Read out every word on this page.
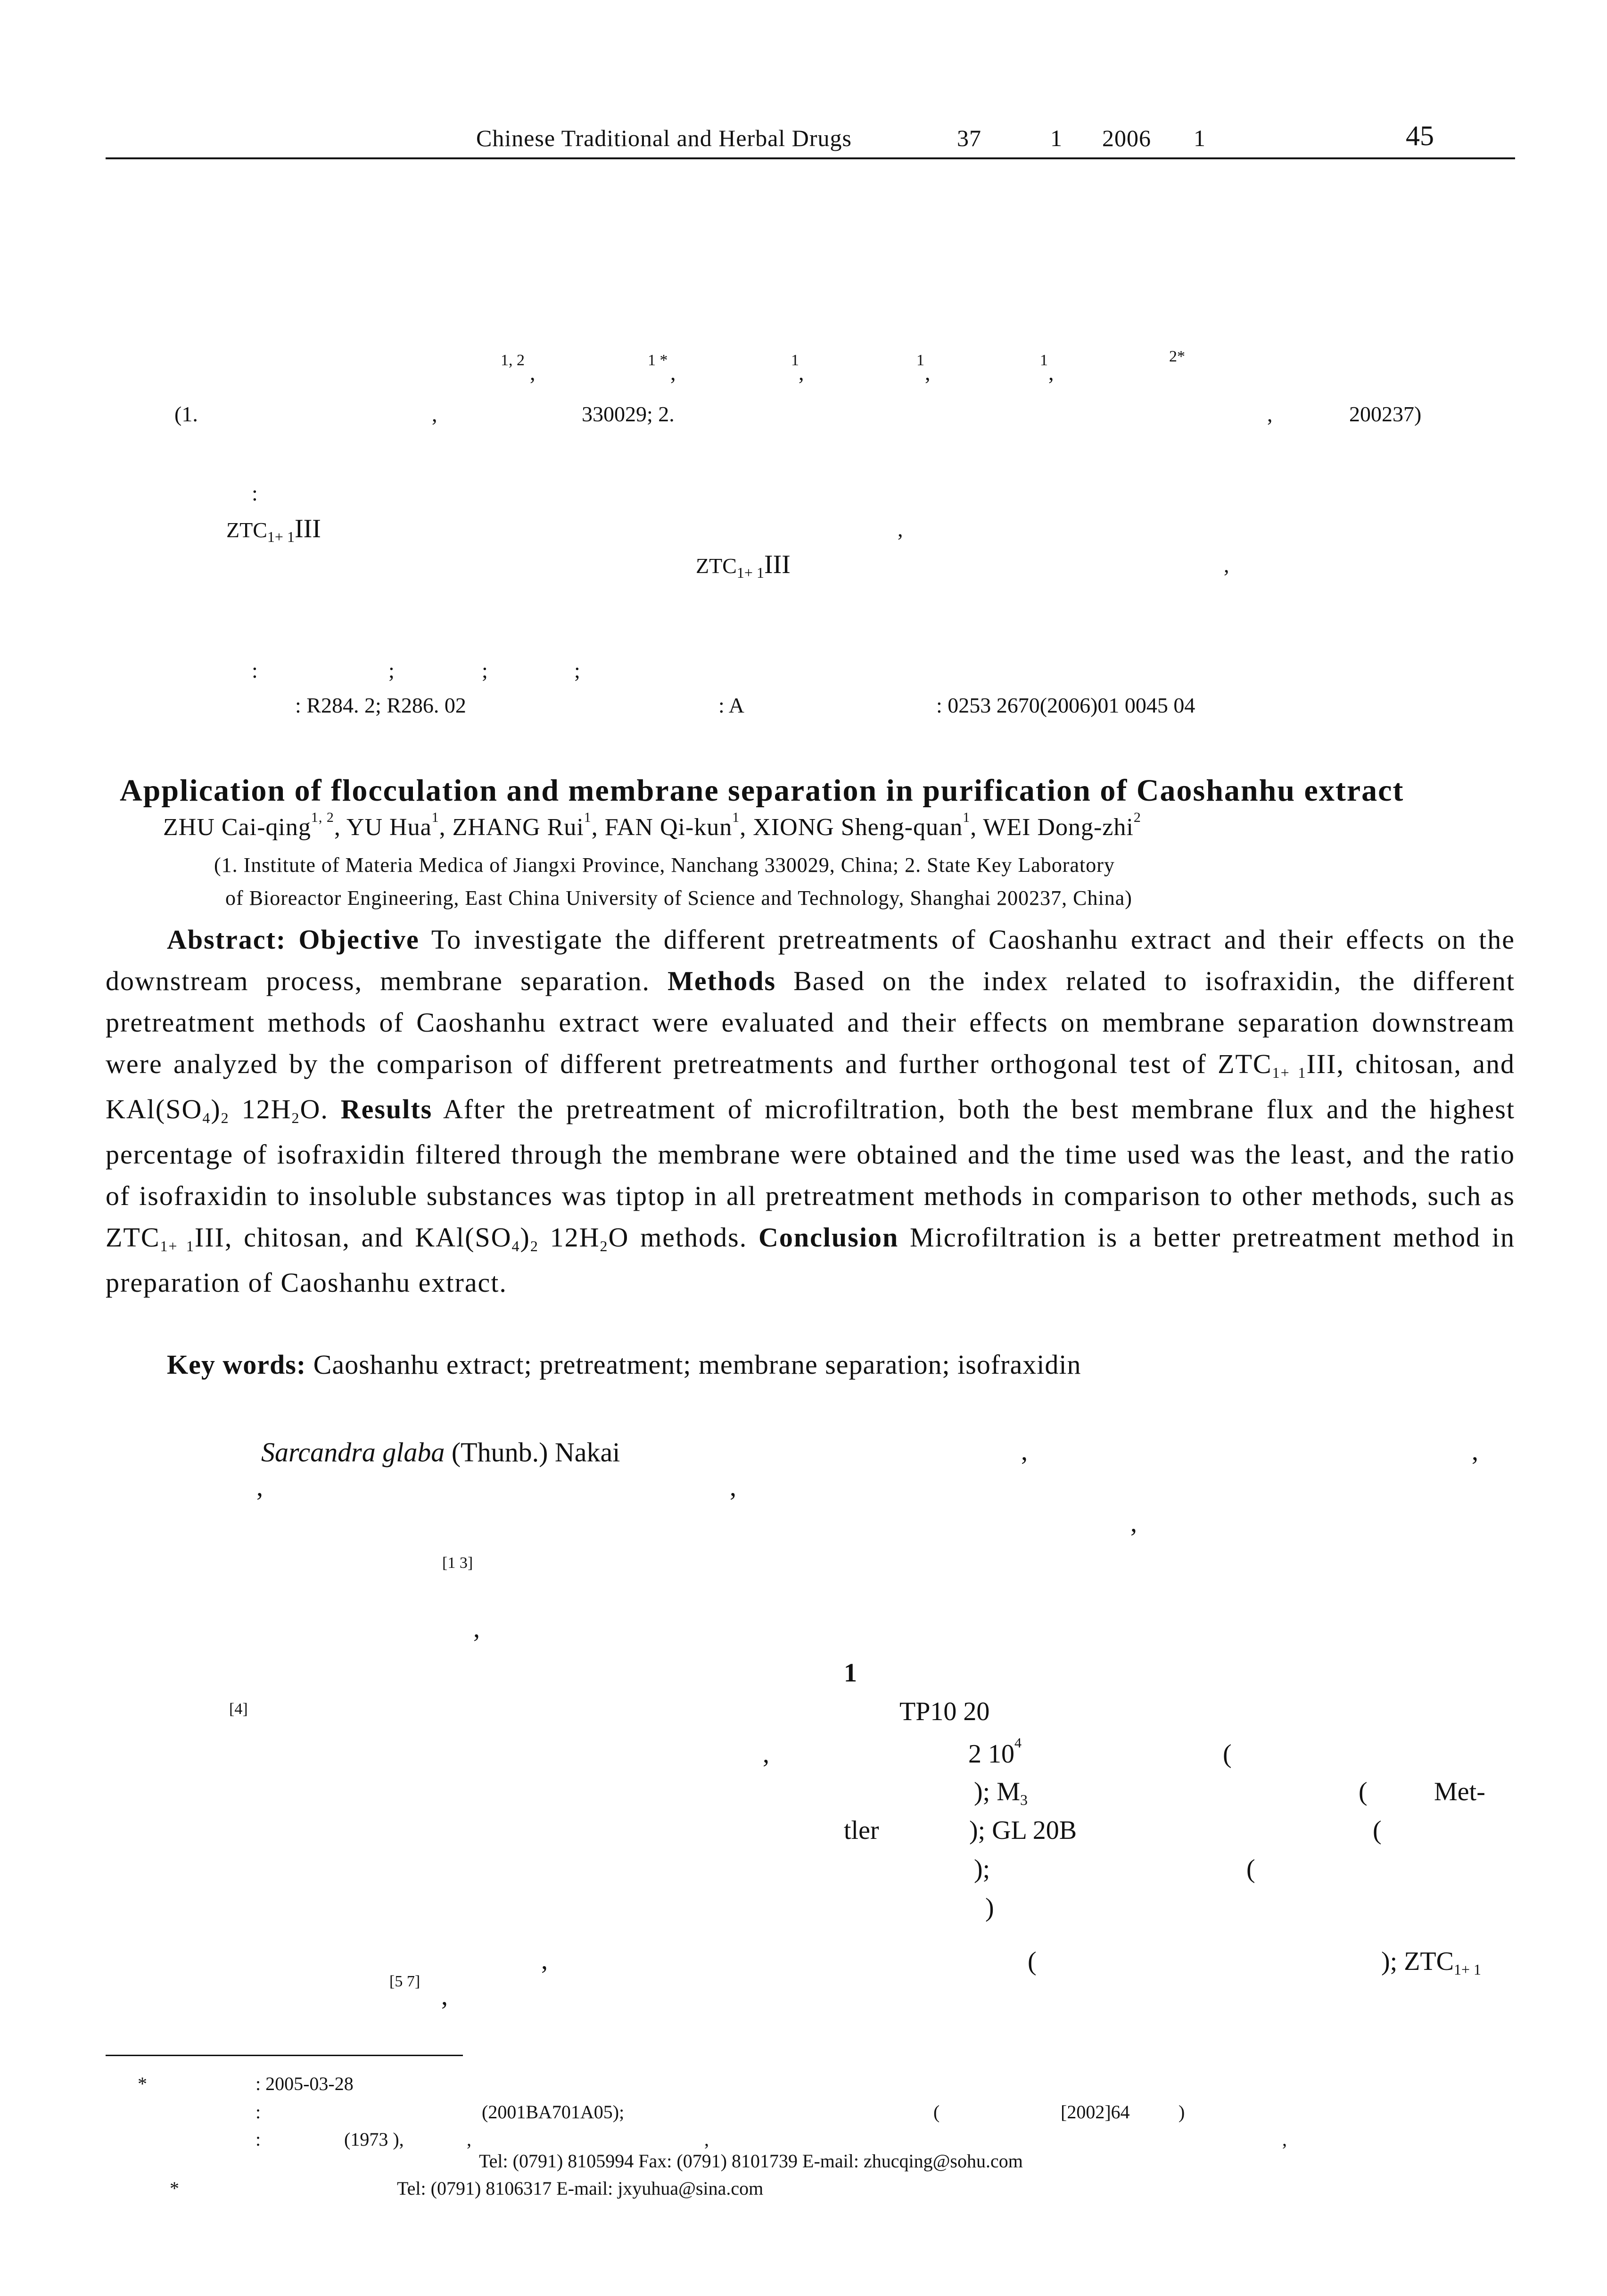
Chinese Traditional and Herbal Drugs	37	1 2006 1	45
1, 2
,
1 *
,
1
,
1
,
1
,
2*
(1.	,	330029; 2.	,	200237)
:
$ZTC_{1+ 1}III$	,
$ZTC_{1+ 1}III$	,
:	;	;	;
: R284. 2; R286. 02	: A	: 0253 2670(2006)01 0045 04
Application of flocculation and membrane separation in purification of Caoshanhu extract
ZHU Cai-qing$^{1, 2}$, YU Hua$^1$, ZHANG Rui$^1$, FAN Qi-kun$^1$, XIONG Sheng-quan$^1$, WEI Dong-zhi$^2$
(1. Institute of Materia Medica of Jiangxi Province, Nanchang 330029, China; 2. State Key Laboratory
of Bioreactor Engineering, East China University of Science and Technology, Shanghai 200237, China)
Abstract: Objective To investigate the different pretreatments of Caoshanhu extract and their effects on the downstream process, membrane separation. Methods Based on the index related to isofraxidin, the different pretreatment methods of Caoshanhu extract were evaluated and their effects on membrane separation downstream were analyzed by the comparison of different pretreatments and further orthogonal test of $ZTC_{1+ 1}III$, chitosan, and $KAl(SO_4)_2$ $12H_2O$. Results After the pretreatment of microfiltration, both the best membrane flux and the highest percentage of isofraxidin filtered through the membrane were obtained and the time used was the least, and the ratio of isofraxidin to insoluble substances was tiptop in all pretreatment methods in comparison to other methods, such as $ZTC_{1+ 1}III$, chitosan, and $KAl(SO_4)_2$ $12H_2O$ methods. Conclusion Microfiltration is a better pretreatment method in preparation of Caoshanhu extract.
Key words: Caoshanhu extract; pretreatment; membrane separation; isofraxidin
Sarcandra glaba (Thunb.) Nakai	,	,
,	,
,
[1 3]
,
[4]
,
[5 7]
,
1
TP10 20
,	2 $10^4$	(
); $M_3$	(	Met-
tler	); GL 20B	(
);	(
)
(	); $ZTC_{1+ 1}$
*	: 2005-03-28
:	(2001BA701A05);	(	[2002]64	)
:	(1973 ),	,	,	,
Tel: (0791) 8105994 Fax: (0791) 8101739 E-mail: zhucqing@sohu.com
*	Tel: (0791) 8106317 E-mail: jxyuhua@sina.com
